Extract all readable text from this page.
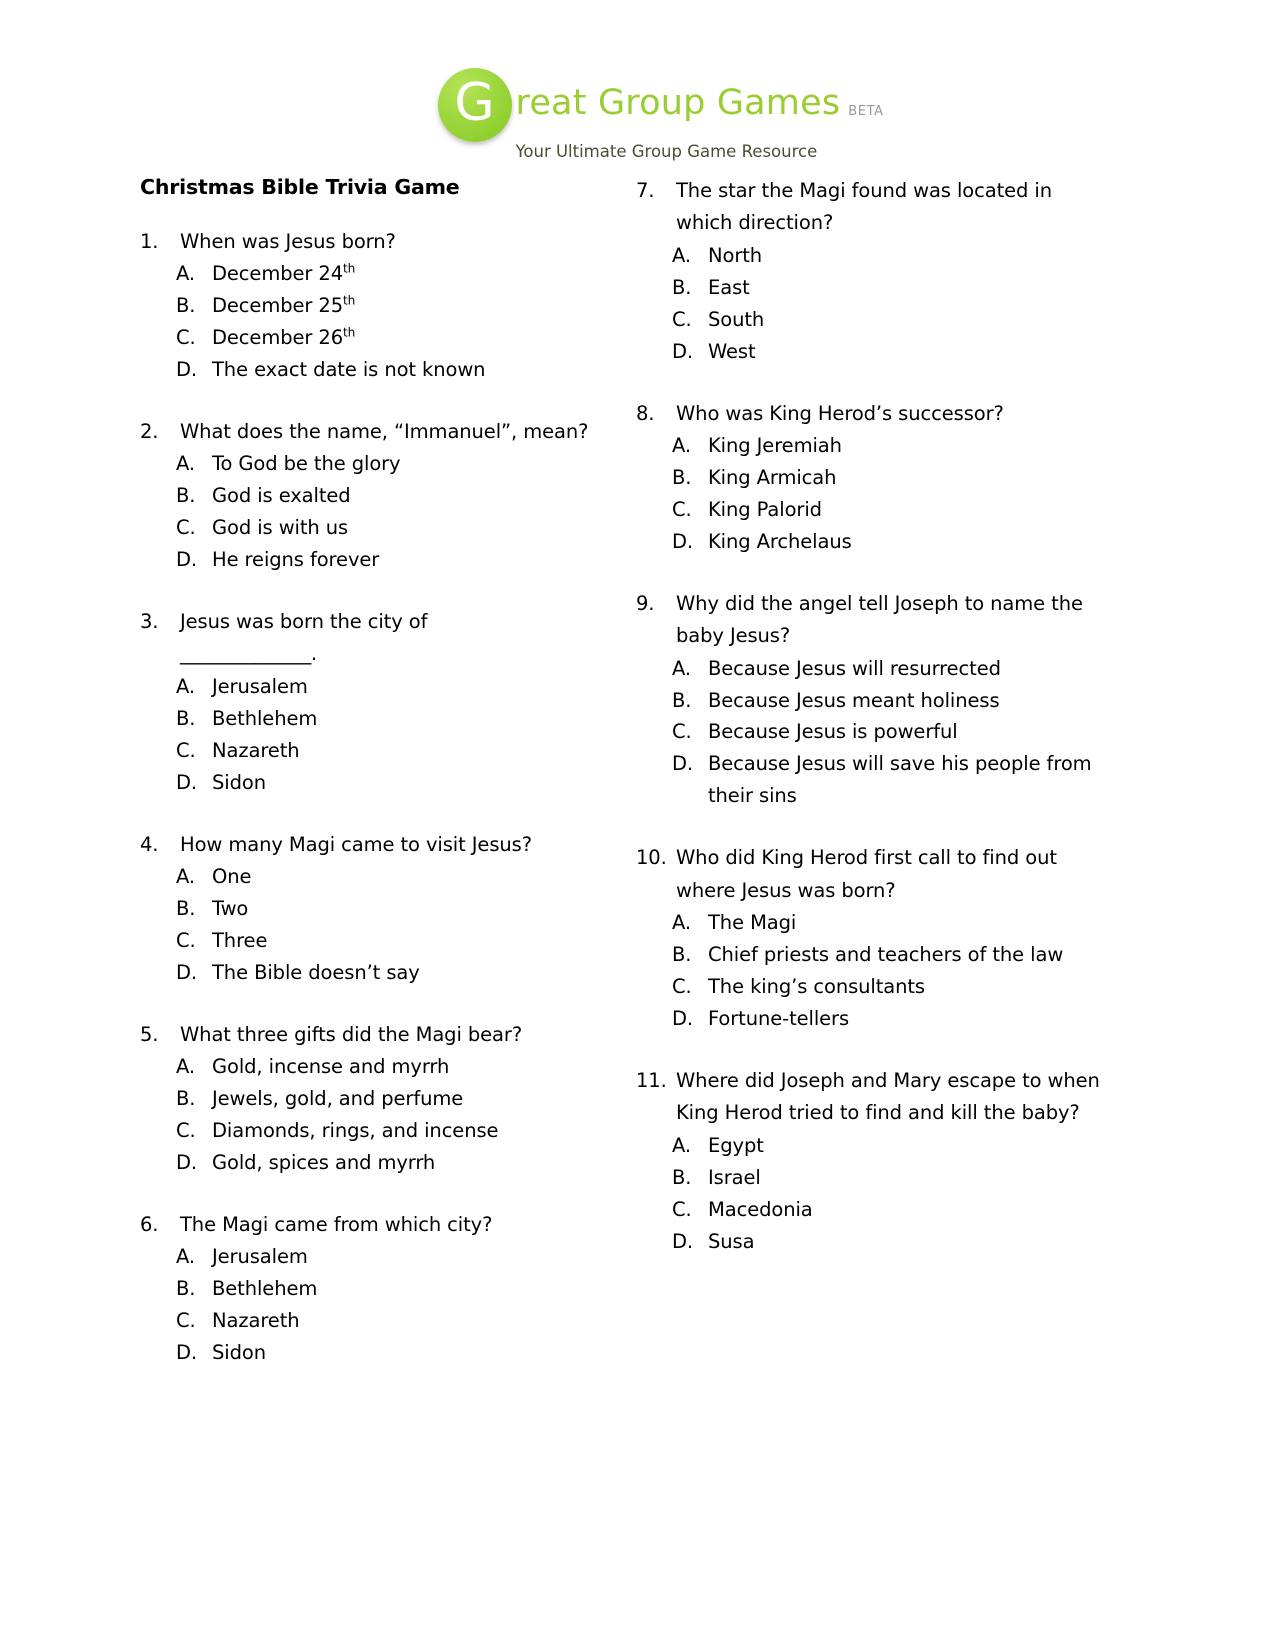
G reat Group Games BETA
Your Ultimate Group Game Resource
Christmas Bible Trivia Game
1.	When was Jesus born?
A. December 24th
B. December 25th
C. December 26th
D. The exact date is not known
2.	What does the name, “Immanuel”, mean?
A. To God be the glory
B. God is exalted
C. God is with us
D. He reigns forever
3.	Jesus was born the city of
______________.
A. Jerusalem
B. Bethlehem
C. Nazareth
D. Sidon
4.	How many Magi came to visit Jesus?
A. One
B. Two
C. Three
D. The Bible doesn’t say
5.	What three gifts did the Magi bear?
A. Gold, incense and myrrh
B. Jewels, gold, and perfume
C. Diamonds, rings, and incense
D. Gold, spices and myrrh
6.	The Magi came from which city?
A. Jerusalem
B. Bethlehem
C. Nazareth
D. Sidon
7.	The star the Magi found was located in which direction?
A. North
B. East
C. South
D. West
8.	Who was King Herod’s successor?
A. King Jeremiah
B. King Armicah
C. King Palorid
D. King Archelaus
9.	Why did the angel tell Joseph to name the baby Jesus?
A. Because Jesus will resurrected
B. Because Jesus meant holiness
C. Because Jesus is powerful
D. Because Jesus will save his people from their sins
10. Who did King Herod first call to find out where Jesus was born?
A. The Magi
B. Chief priests and teachers of the law
C. The king’s consultants
D. Fortune-tellers
11. Where did Joseph and Mary escape to when King Herod tried to find and kill the baby?
A. Egypt
B. Israel
C. Macedonia
D. Susa
